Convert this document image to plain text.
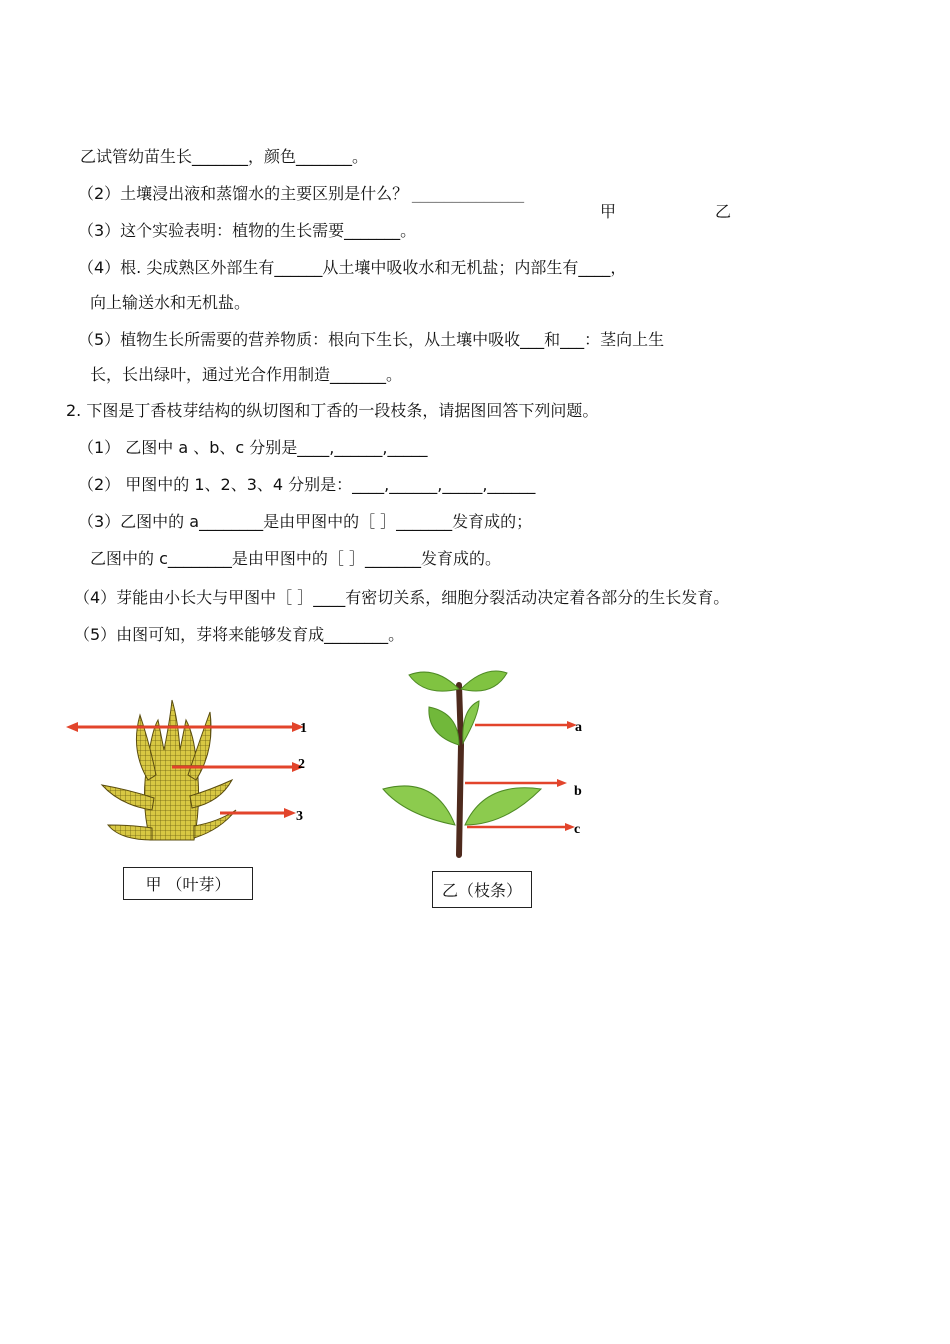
乙试管幼苗生长_______，颜色_______。
（2）土壤浸出液和蒸馏水的主要区别是什么？ ______________
甲	乙
（3）这个实验表明：植物的生长需要_______。
（4）根. 尖成熟区外部生有______从土壤中吸收水和无机盐；内部生有____，
向上输送水和无机盐。
（5）植物生长所需要的营养物质：根向下生长，从土壤中吸收___和___：茎向上生
长，长出绿叶，通过光合作用制造_______。
2. 下图是丁香枝芽结构的纵切图和丁香的一段枝条，请据图回答下列问题。
（1） 乙图中 a 、b、c 分别是____,______,_____
（2） 甲图中的 1、2、3、4 分别是：____,______,_____,______
（3）乙图中的 a________是由甲图中的［ ］_______发育成的；
乙图中的 c________是由甲图中的［ ］_______发育成的。
（4）芽能由小长大与甲图中［ ］____有密切关系，细胞分裂活动决定着各部分的生长发育。
（5）由图可知，芽将来能够发育成________。
1
2
3
甲 （叶芽）
a
b
c
乙（枝条）
